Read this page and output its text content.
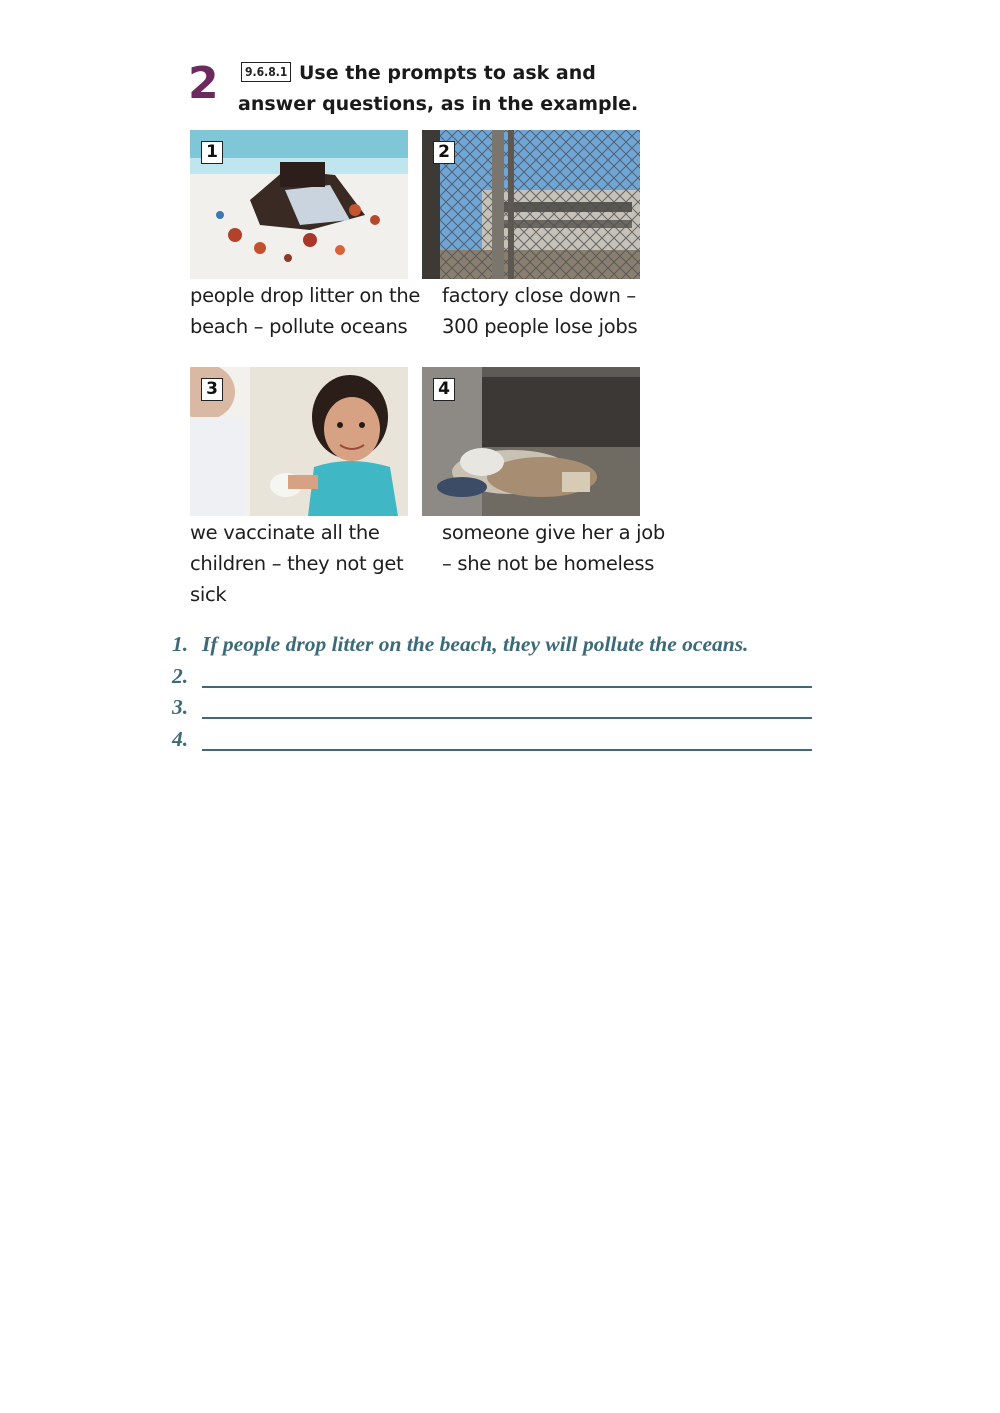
2	9.6.8.1 Use the prompts to ask and
answer questions, as in the example.
1	2
3	4
people drop litter on the
beach – pollute oceans
factory close down –
300 people lose jobs
we vaccinate all the
children – they not get
sick
someone give her a job
– she not be homeless
1. If people drop litter on the beach, they will pollute the oceans.
2.
3.
4.
